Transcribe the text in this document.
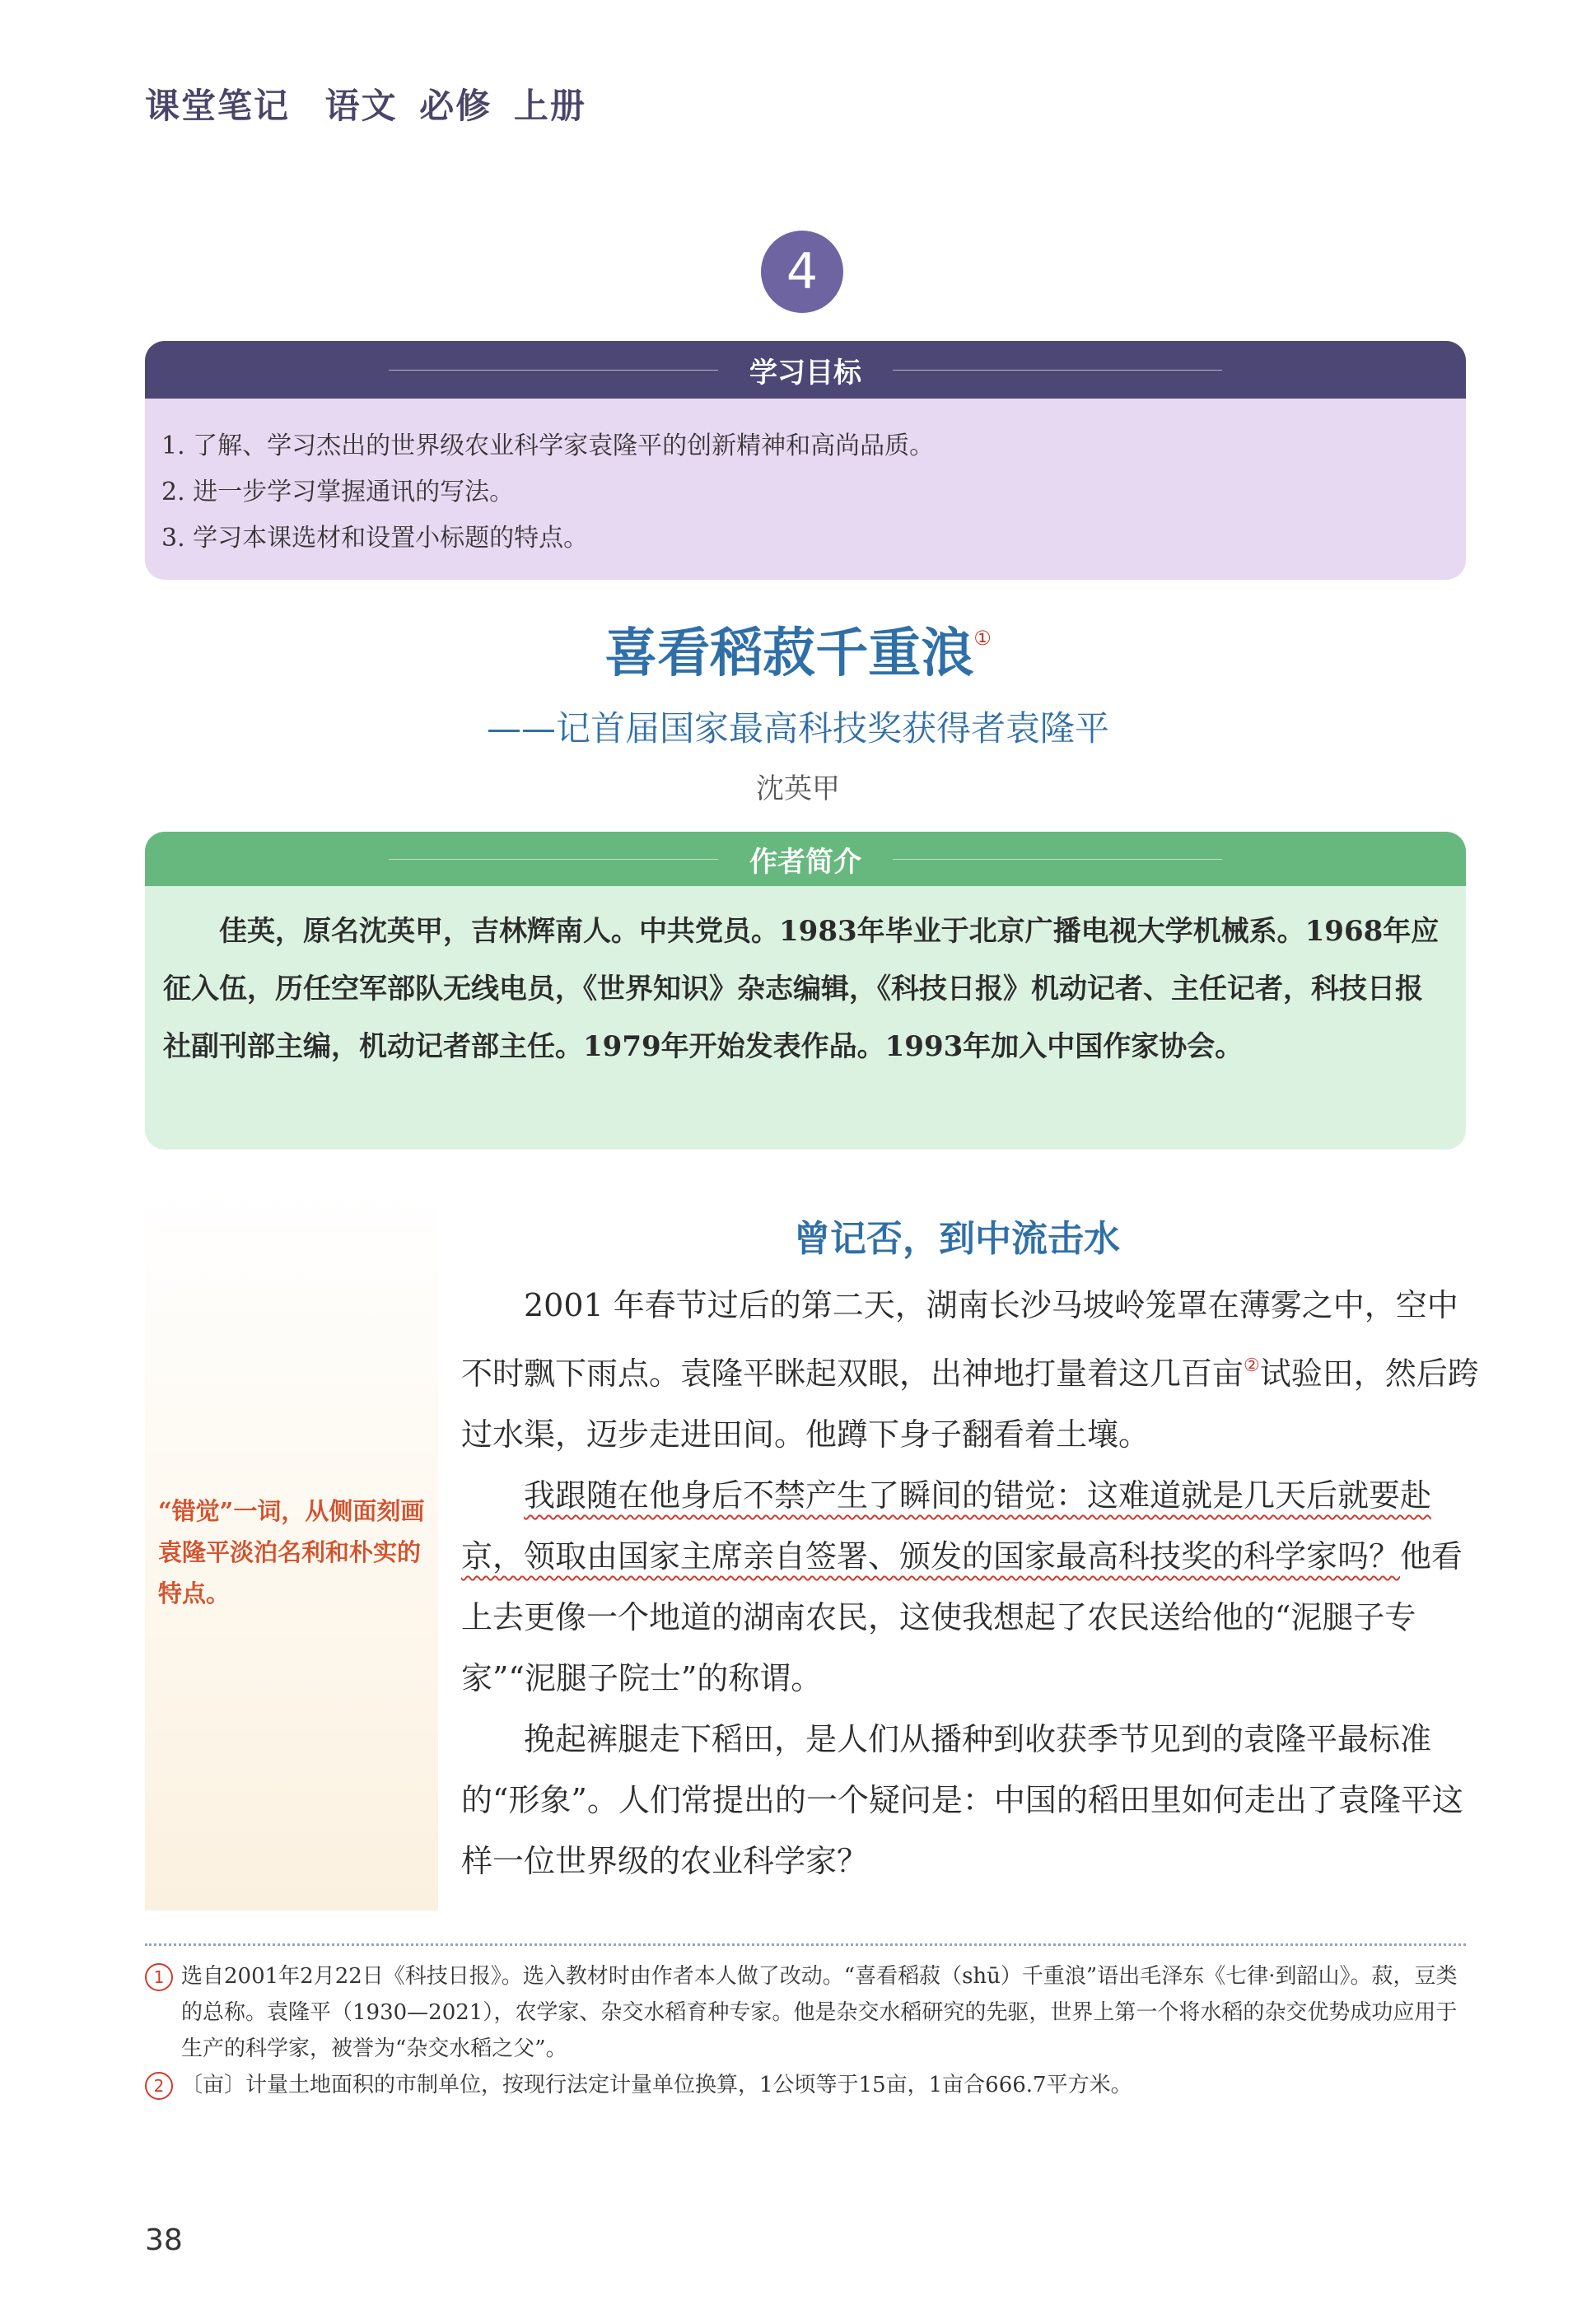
课堂笔记 语文 必修 上册
4
学习目标
1. 了解、学习杰出的世界级农业科学家袁隆平的创新精神和高尚品质。
2. 进一步学习掌握通讯的写法。
3. 学习本课选材和设置小标题的特点。
喜看稻菽千重浪①
——记首届国家最高科技奖获得者袁隆平
沈英甲
作者简介

佳英，原名沈英甲，吉林辉南人。中共党员。1983年毕业于北京广播电视大学机械系。1968年应征入伍，历任空军部队无线电员，《世界知识》杂志编辑，《科技日报》机动记者、主任记者，科技日报社副刊部主编，机动记者部主任。1979年开始发表作品。1993年加入中国作家协会。

“错觉”一词，从侧面刻画袁隆平淡泊名利和朴实的特点。
曾记否，到中流击水

2001 年春节过后的第二天，湖南长沙马坡岭笼罩在薄雾之中，空中不时飘下雨点。袁隆平眯起双眼，出神地打量着这几百亩②试验田，然后跨过水渠，迈步走进田间。他蹲下身子翻看着土壤。

我跟随在他身后不禁产生了瞬间的错觉：这难道就是几天后就要赴京，领取由国家主席亲自签署、颁发的国家最高科技奖的科学家吗？他看上去更像一个地道的湖南农民，这使我想起了农民送给他的“泥腿子专家”“泥腿子院士”的称谓。

挽起裤腿走下稻田，是人们从播种到收获季节见到的袁隆平最标准的“形象”。人们常提出的一个疑问是：中国的稻田里如何走出了袁隆平这样一位世界级的农业科学家？

1 选自2001年2月22日《科技日报》。选入教材时由作者本人做了改动。“喜看稻菽（shū）千重浪”语出毛泽东《七律·到韶山》。菽，豆类的总称。袁隆平（1930—2021），农学家、杂交水稻育种专家。他是杂交水稻研究的先驱，世界上第一个将水稻的杂交优势成功应用于生产的科学家，被誉为“杂交水稻之父”。
2 〔亩〕计量土地面积的市制单位，按现行法定计量单位换算，1公顷等于15亩，1亩合666.7平方米。
38
